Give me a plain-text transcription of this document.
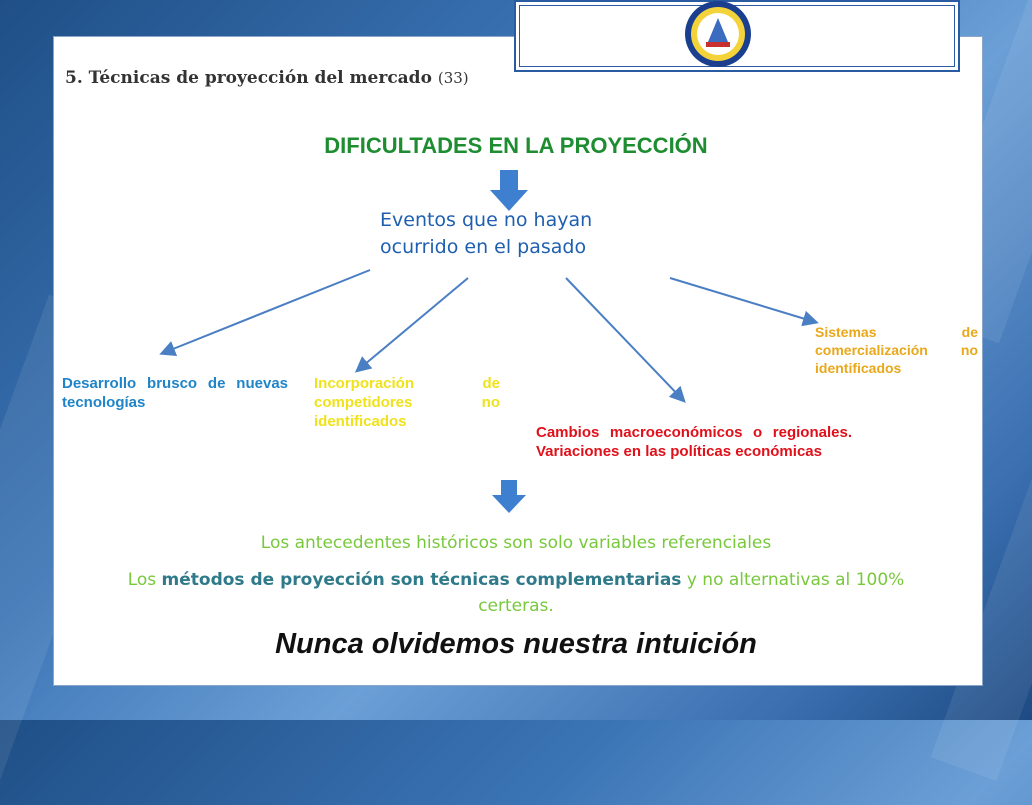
5. Técnicas de proyección del mercado (33)
DIFICULTADES EN LA PROYECCIÓN
Eventos que no hayan
ocurrido en el pasado
Desarrollo brusco de nuevas tecnologías
Incorporación de competidores no identificados
Cambios macroeconómicos o regionales. Variaciones en las políticas económicas
Sistemas de comercialización no identificados
Los antecedentes históricos son solo variables referenciales
Los métodos de proyección son técnicas complementarias y no alternativas al 100% certeras.
Nunca olvidemos nuestra intuición
